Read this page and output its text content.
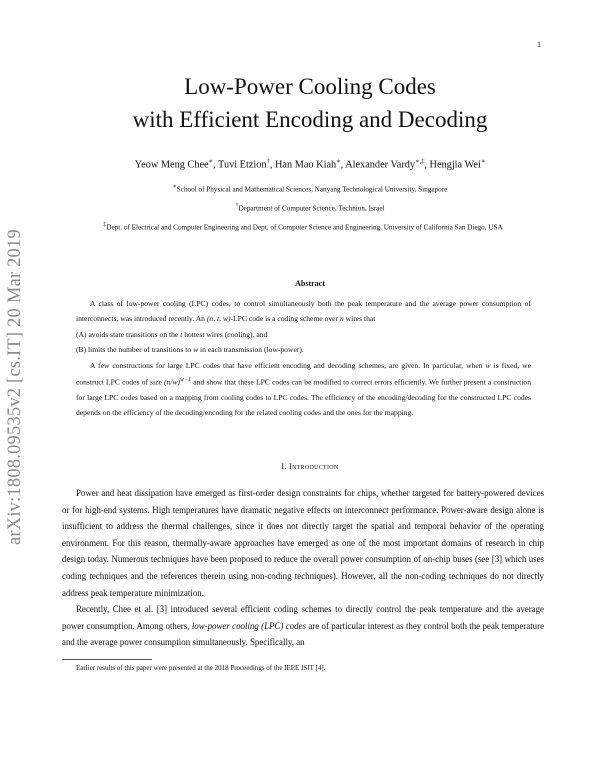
1
arXiv:1808.09535v2 [cs.IT] 20 Mar 2019
Low-Power Cooling Codes
with Efficient Encoding and Decoding
Yeow Meng Chee∗, Tuvi Etzion†, Han Mao Kiah∗, Alexander Vardy∗,‡, Hengjia Wei∗
∗School of Physical and Mathematical Sciences, Nanyang Technological University, Singapore
†Department of Computer Science, Technion, Israel
‡Dept. of Electrical and Computer Engineering and Dept. of Computer Science and Engineering, University of California San Diego, USA
Abstract

A class of low-power cooling (LPC) codes, to control simultaneously both the peak temperature and the average power consumption of interconnects, was introduced recently. An (n, t, w)-LPC code is a coding scheme over n wires that

(A) avoids state transitions on the t hottest wires (cooling), and

(B) limits the number of transitions to w in each transmission (low-power).

A few constructions for large LPC codes that have efficient encoding and decoding schemes, are given. In particular, when w is fixed, we construct LPC codes of size $(n/w)^{w-1}$ and show that these LPC codes can be modified to correct errors efficiently. We further present a construction for large LPC codes based on a mapping from cooling codes to LPC codes. The efficiency of the encoding/decoding for the constructed LPC codes depends on the efficiency of the decoding/encoding for the related cooling codes and the ones for the mapping.

I. Introduction

Power and heat dissipation have emerged as first-order design constraints for chips, whether targeted for battery-powered devices or for high-end systems. High temperatures have dramatic negative effects on interconnect performance. Power-aware design alone is insufficient to address the thermal challenges, since it does not directly target the spatial and temporal behavior of the operating environment. For this reason, thermally-aware approaches have emerged as one of the most important domains of research in chip design today. Numerous techniques have been proposed to reduce the overall power consumption of on-chip buses (see [3] which uses coding techniques and the references therein using non-coding techniques). However, all the non-coding techniques do not directly address peak temperature minimization.

Recently, Chee et al. [3] introduced several efficient coding schemes to directly control the peak temperature and the average power consumption. Among others, low-power cooling (LPC) codes are of particular interest as they control both the peak temperature and the average power consumption simultaneously. Specifically, an

Earlier results of this paper were presented at the 2018 Proceedings of the IEEE ISIT [4].
